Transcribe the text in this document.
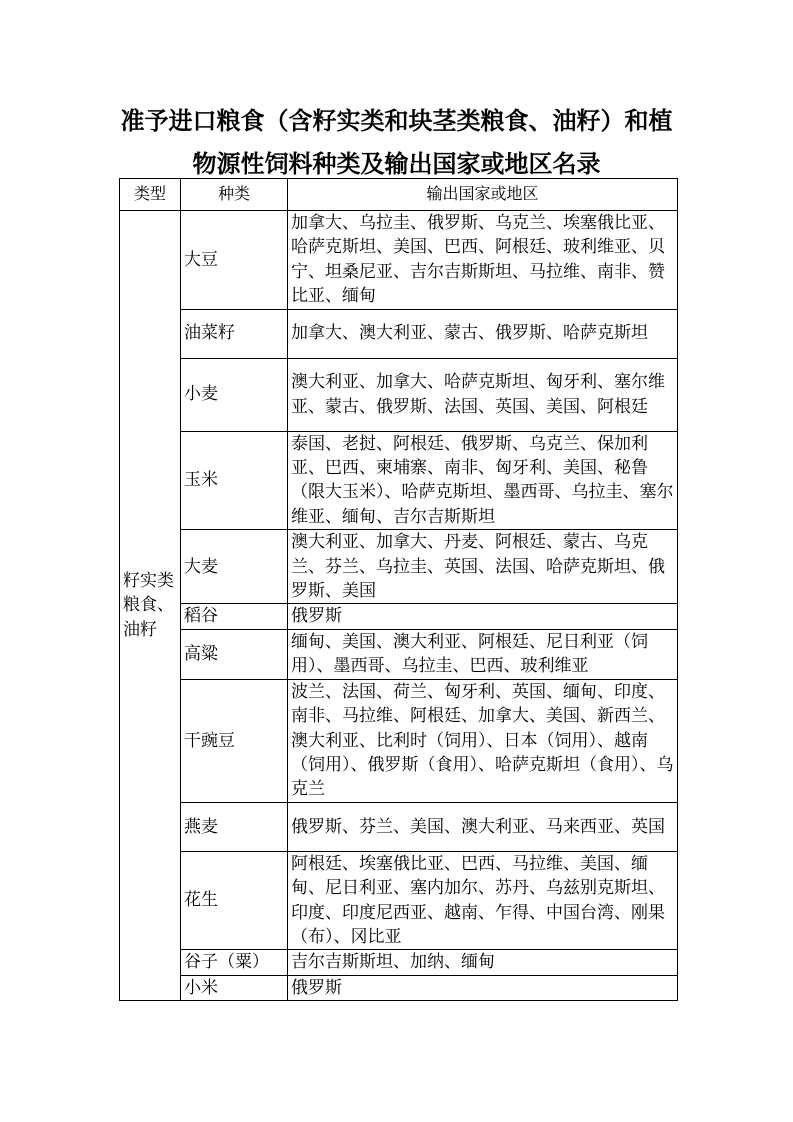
准予进口粮食（含籽实类和块茎类粮食、油籽）和植
物源性饲料种类及输出国家或地区名录
类型	种类	输出国家或地区
籽实类粮食、油籽	大豆	加拿大、乌拉圭、俄罗斯、乌克兰、埃塞俄比亚、哈萨克斯坦、美国、巴西、阿根廷、玻利维亚、贝宁、坦桑尼亚、吉尔吉斯斯坦、马拉维、南非、赞比亚、缅甸
	油菜籽	加拿大、澳大利亚、蒙古、俄罗斯、哈萨克斯坦
	小麦	澳大利亚、加拿大、哈萨克斯坦、匈牙利、塞尔维亚、蒙古、俄罗斯、法国、英国、美国、阿根廷
	玉米	泰国、老挝、阿根廷、俄罗斯、乌克兰、保加利亚、巴西、柬埔寨、南非、匈牙利、美国、秘鲁（限大玉米）、哈萨克斯坦、墨西哥、乌拉圭、塞尔维亚、缅甸、吉尔吉斯斯坦
	大麦	澳大利亚、加拿大、丹麦、阿根廷、蒙古、乌克兰、芬兰、乌拉圭、英国、法国、哈萨克斯坦、俄罗斯、美国
	稻谷	俄罗斯
	高粱	缅甸、美国、澳大利亚、阿根廷、尼日利亚（饲用）、墨西哥、乌拉圭、巴西、玻利维亚
	干豌豆	波兰、法国、荷兰、匈牙利、英国、缅甸、印度、南非、马拉维、阿根廷、加拿大、美国、新西兰、澳大利亚、比利时（饲用）、日本（饲用）、越南（饲用）、俄罗斯（食用）、哈萨克斯坦（食用）、乌克兰
	燕麦	俄罗斯、芬兰、美国、澳大利亚、马来西亚、英国
	花生	阿根廷、埃塞俄比亚、巴西、马拉维、美国、缅甸、尼日利亚、塞内加尔、苏丹、乌兹别克斯坦、印度、印度尼西亚、越南、乍得、中国台湾、刚果（布）、冈比亚
	谷子（粟）	吉尔吉斯斯坦、加纳、缅甸
	小米	俄罗斯
